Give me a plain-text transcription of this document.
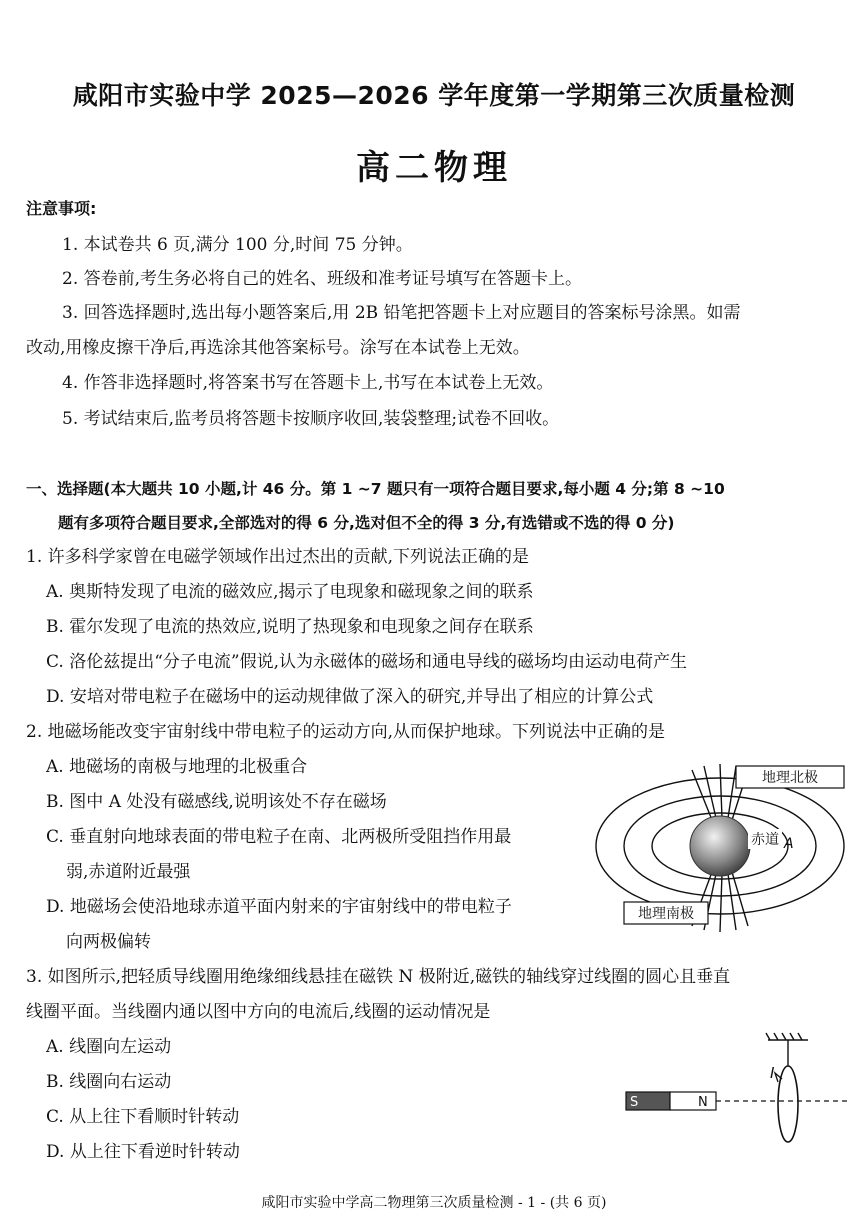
咸阳市实验中学 2025—2026 学年度第一学期第三次质量检测
高二物理
注意事项:
1. 本试卷共 6 页,满分 100 分,时间 75 分钟。
2. 答卷前,考生务必将自己的姓名、班级和准考证号填写在答题卡上。
3. 回答选择题时,选出每小题答案后,用 2B 铅笔把答题卡上对应题目的答案标号涂黑。如需
改动,用橡皮擦干净后,再选涂其他答案标号。涂写在本试卷上无效。
4. 作答非选择题时,将答案书写在答题卡上,书写在本试卷上无效。
5. 考试结束后,监考员将答题卡按顺序收回,装袋整理;试卷不回收。
一、选择题(本大题共 10 小题,计 46 分。第 1 ~7 题只有一项符合题目要求,每小题 4 分;第 8 ~10
题有多项符合题目要求,全部选对的得 6 分,选对但不全的得 3 分,有选错或不选的得 0 分)
1. 许多科学家曾在电磁学领域作出过杰出的贡献,下列说法正确的是
A. 奥斯特发现了电流的磁效应,揭示了电现象和磁现象之间的联系
B. 霍尔发现了电流的热效应,说明了热现象和电现象之间存在联系
C. 洛伦兹提出“分子电流”假说,认为永磁体的磁场和通电导线的磁场均由运动电荷产生
D. 安培对带电粒子在磁场中的运动规律做了深入的研究,并导出了相应的计算公式
2. 地磁场能改变宇宙射线中带电粒子的运动方向,从而保护地球。下列说法中正确的是
A. 地磁场的南极与地理的北极重合
B. 图中 A 处没有磁感线,说明该处不存在磁场
C. 垂直射向地球表面的带电粒子在南、北两极所受阻挡作用最
弱,赤道附近最强
D. 地磁场会使沿地球赤道平面内射来的宇宙射线中的带电粒子
向两极偏转
地理北极
地理南极
赤道 A
3. 如图所示,把轻质导线圈用绝缘细线悬挂在磁铁 N 极附近,磁铁的轴线穿过线圈的圆心且垂直
线圈平面。当线圈内通以图中方向的电流后,线圈的运动情况是
A. 线圈向左运动
B. 线圈向右运动
C. 从上往下看顺时针转动
D. 从上往下看逆时针转动
S	N
I
咸阳市实验中学高二物理第三次质量检测 - 1 - (共 6 页)
